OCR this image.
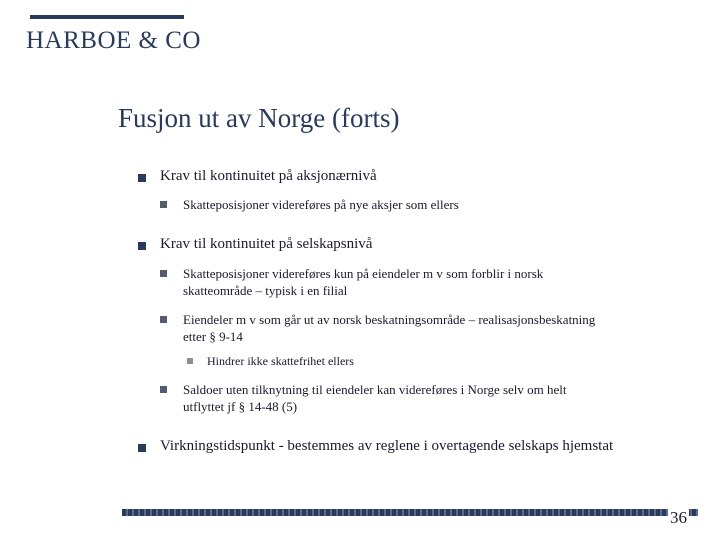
HARBOE & CO
Fusjon ut av Norge (forts)
Krav til kontinuitet på aksjonærnivå
Skatteposisjoner videreføres på nye aksjer som ellers
Krav til kontinuitet på selskapsnivå
Skatteposisjoner videreføres kun på eiendeler m v som forblir i norsk
skatteområde – typisk i en filial
Eiendeler m v som går ut av norsk beskatningsområde – realisasjonsbeskatning
etter § 9-14
Hindrer ikke skattefrihet ellers
Saldoer uten tilknytning til eiendeler kan videreføres i Norge selv om helt
utflyttet jf § 14-48 (5)
Virkningstidspunkt - bestemmes av reglene i overtagende selskaps hjemstat
36
